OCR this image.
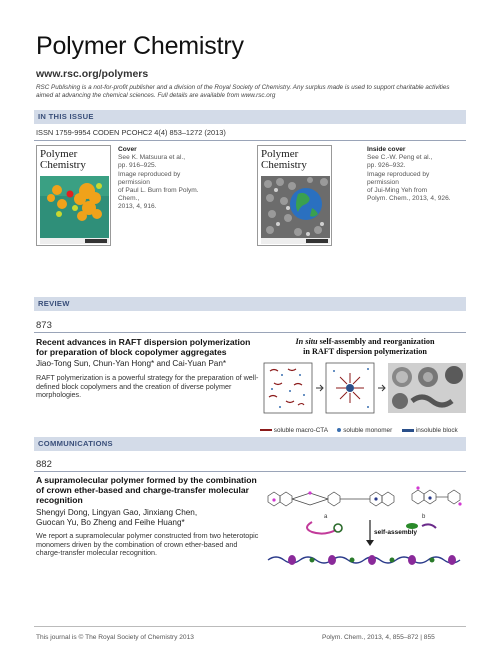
Polymer Chemistry
www.rsc.org/polymers
RSC Publishing is a not-for-profit publisher and a division of the Royal Society of Chemistry. Any surplus made is used to support charitable activities aimed at advancing the chemical sciences. Full details are available from www.rsc.org
IN THIS ISSUE
ISSN 1759-9954 CODEN PCOHC2 4(4) 853–1272 (2013)
Polymer
Chemistry
Cover
See K. Matsuura et al.,
pp. 916–925.
Image reproduced by permission
of Paul L. Burn from Polym. Chem.,
2013, 4, 916.
Polymer
Chemistry
Inside cover
See C.-W. Peng et al.,
pp. 926–932.
Image reproduced by permission
of Jui-Ming Yeh from
Polym. Chem., 2013, 4, 926.
REVIEW
873
Recent advances in RAFT dispersion polymerization for preparation of block copolymer aggregates
Jiao-Tong Sun, Chun-Yan Hong* and Cai-Yuan Pan*
RAFT polymerization is a powerful strategy for the preparation of well-defined block copolymers and the creation of diverse polymer morphologies.
In situ self-assembly and reorganization
in RAFT dispersion polymerization
soluble macro-CTA soluble monomer	insoluble block
COMMUNICATIONS
882
A supramolecular polymer formed by the combination of crown ether-based and charge-transfer molecular recognition
Shengyi Dong, Lingyan Gao, Jinxiang Chen,
Guocan Yu, Bo Zheng and Feihe Huang*
We report a supramolecular polymer constructed from two heterotopic monomers driven by the combination of crown ether-based and charge-transfer molecular recognition.
a	b
self-assembly
This journal is © The Royal Society of Chemistry 2013	Polym. Chem., 2013, 4, 855–872 | 855
